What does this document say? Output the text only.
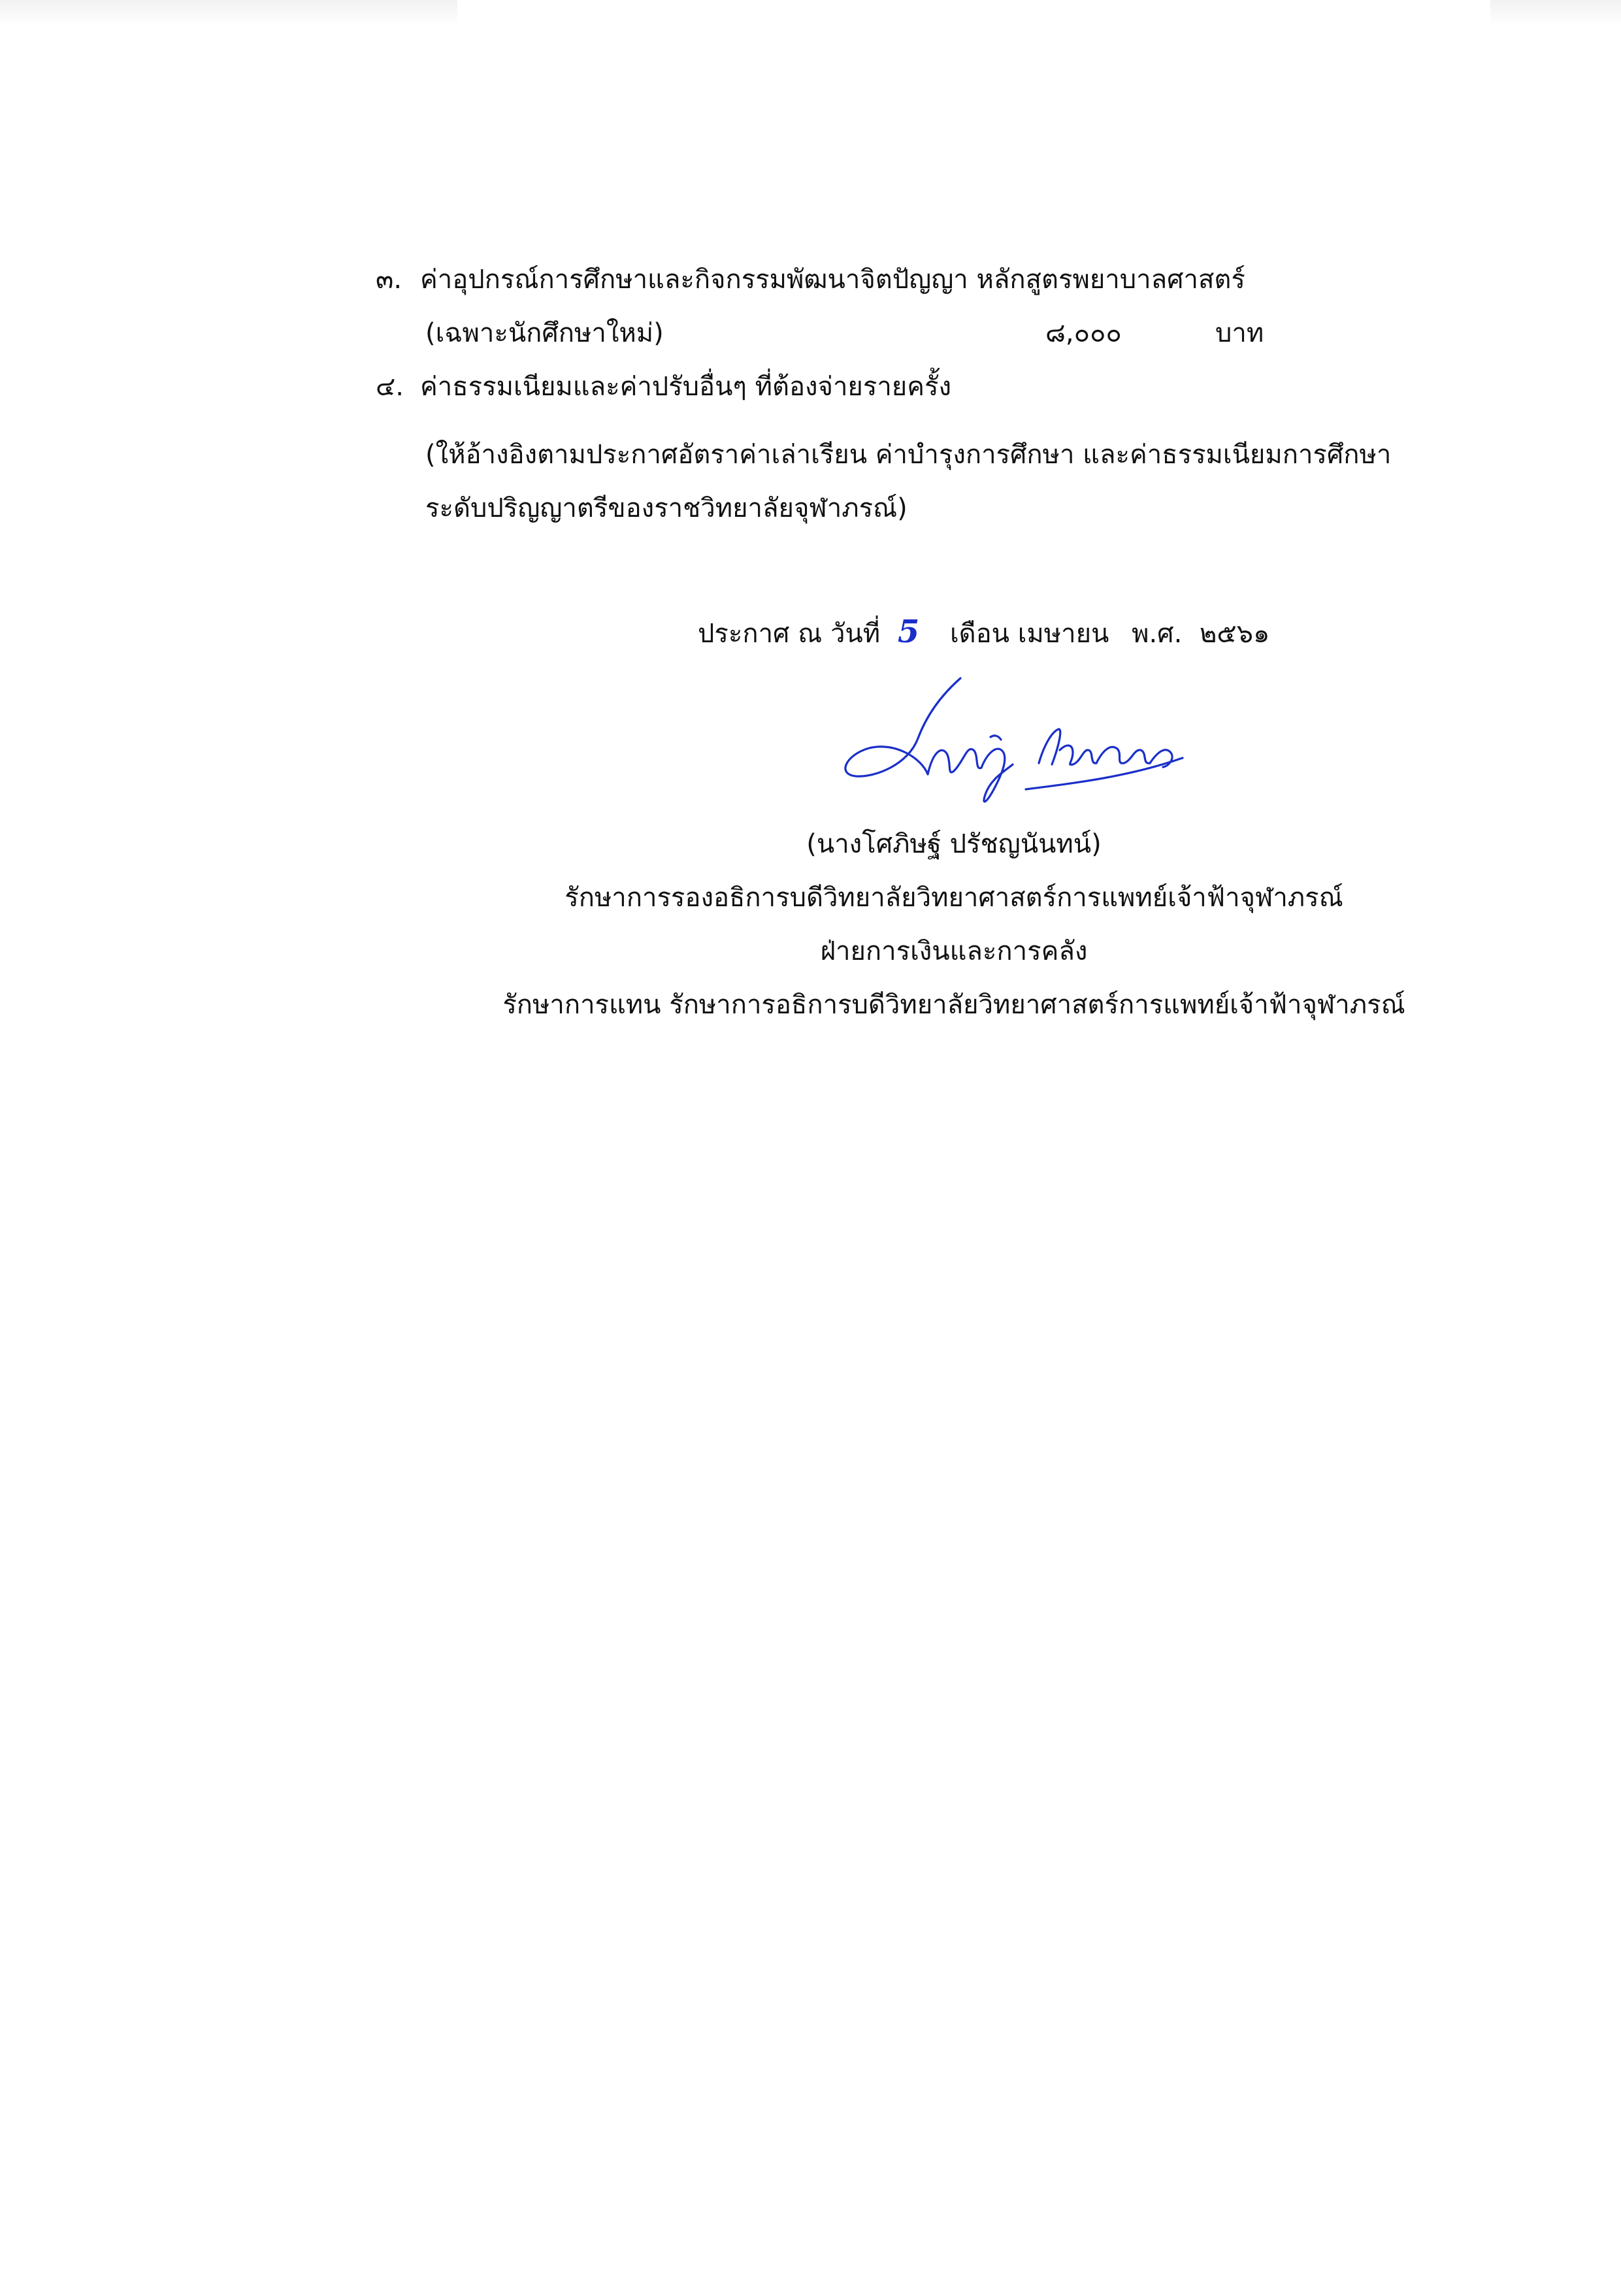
๓. ค่าอุปกรณ์การศึกษาและกิจกรรมพัฒนาจิตปัญญา หลักสูตรพยาบาลศาสตร์
(เฉพาะนักศึกษาใหม่)	๘,๐๐๐	บาท
๔. ค่าธรรมเนียมและค่าปรับอื่นๆ ที่ต้องจ่ายรายครั้ง
(ให้อ้างอิงตามประกาศอัตราค่าเล่าเรียน ค่าบำรุงการศึกษา และค่าธรรมเนียมการศึกษา
ระดับปริญญาตรีของราชวิทยาลัยจุฬาภรณ์)
ประกาศ ณ วันที่ 5 เดือน เมษายน พ.ศ. ๒๕๖๑
(นางโศภิษฐ์ ปรัชญนันทน์)
รักษาการรองอธิการบดีวิทยาลัยวิทยาศาสตร์การแพทย์เจ้าฟ้าจุฬาภรณ์
ฝ่ายการเงินและการคลัง
รักษาการแทน รักษาการอธิการบดีวิทยาลัยวิทยาศาสตร์การแพทย์เจ้าฟ้าจุฬาภรณ์
